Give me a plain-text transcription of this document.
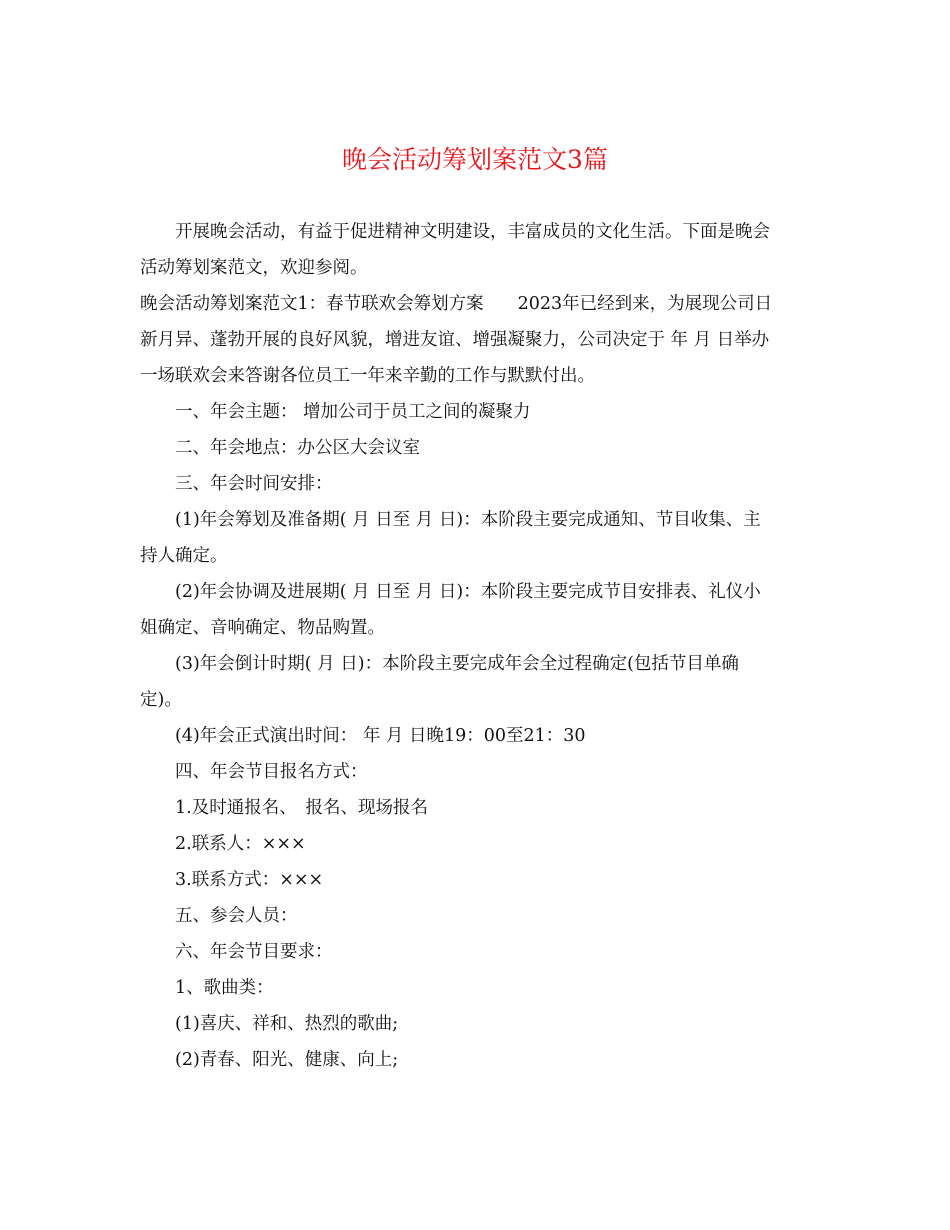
晚会活动筹划案范文3篇

开展晚会活动，有益于促进精神文明建设，丰富成员的文化生活。下面是晚会

活动筹划案范文，欢迎参阅。

晚会活动筹划案范文1：春节联欢会筹划方案 2023年已经到来，为展现公司日

新月异、蓬勃开展的良好风貌，增进友谊、增强凝聚力，公司决定于 年 月 日举办

一场联欢会来答谢各位员工一年来辛勤的工作与默默付出。

一、年会主题： 增加公司于员工之间的凝聚力

二、年会地点：办公区大会议室

三、年会时间安排：

(1)年会筹划及准备期( 月 日至 月 日)：本阶段主要完成通知、节目收集、主

持人确定。

(2)年会协调及进展期( 月 日至 月 日)：本阶段主要完成节目安排表、礼仪小

姐确定、音响确定、物品购置。

(3)年会倒计时期( 月 日)：本阶段主要完成年会全过程确定(包括节目单确

定)。

(4)年会正式演出时间： 年 月 日晚19：00至21：30

四、年会节目报名方式：

1.及时通报名、　报名、现场报名

2.联系人：×××

3.联系方式：×××

五、参会人员：

六、年会节目要求：

1、歌曲类：

(1)喜庆、祥和、热烈的歌曲;

(2)青春、阳光、健康、向上;
